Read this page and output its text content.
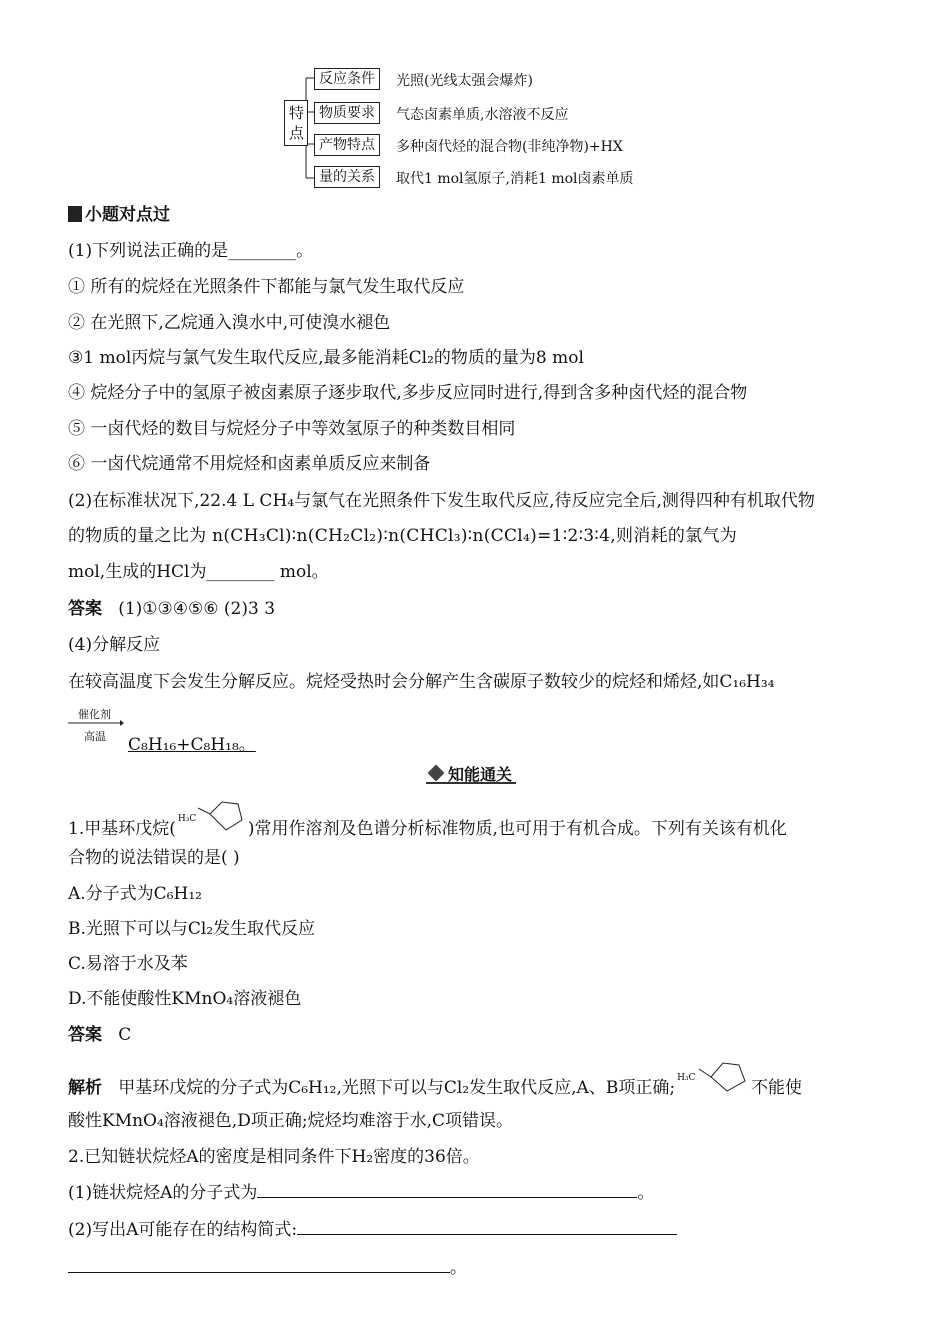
特点
反应条件	光照(光线太强会爆炸)
物质要求	气态卤素单质,水溶液不反应
产物特点	多种卤代烃的混合物(非纯净物)+HX
量的关系	取代1 mol氢原子,消耗1 mol卤素单质
小题对点过
(1)下列说法正确的是________。
① 所有的烷烃在光照条件下都能与氯气发生取代反应
② 在光照下,乙烷通入溴水中,可使溴水褪色
③1 mol丙烷与氯气发生取代反应,最多能消耗Cl₂的物质的量为8 mol
④ 烷烃分子中的氢原子被卤素原子逐步取代,多步反应同时进行,得到含多种卤代烃的混合物
⑤ 一卤代烃的数目与烷烃分子中等效氢原子的种类数目相同
⑥ 一卤代烷通常不用烷烃和卤素单质反应来制备
(2)在标准状况下,22.4 L CH₄与氯气在光照条件下发生取代反应,待反应完全后,测得四种有机取代物
的物质的量之比为 n(CH₃Cl)∶n(CH₂Cl₂)∶n(CHCl₃)∶n(CCl₄)=1∶2∶3∶4,则消耗的氯气为
mol,生成的HCl为________ mol。
答案 (1)①③④⑤⑥ (2)3 3
(4)分解反应
在较高温度下会发生分解反应。烷烃受热时会分解产生含碳原子数较少的烷烃和烯烃,如C₁₆H₃₄
催化剂
高温 C₈H₁₆+C₈H₁₈。
知能通关
1.甲基环戊烷( H₃C	)常用作溶剂及色谱分析标准物质,也可用于有机合成。下列有关该有机化
合物的说法错误的是( )
A.分子式为C₆H₁₂
B.光照下可以与Cl₂发生取代反应
C.易溶于水及苯
D.不能使酸性KMnO₄溶液褪色
答案 C
解析 甲基环戊烷的分子式为C₆H₁₂,光照下可以与Cl₂发生取代反应,A、B项正确; H₃C	不能使
酸性KMnO₄溶液褪色,D项正确;烷烃均难溶于水,C项错误。
2.已知链状烷烃A的密度是相同条件下H₂密度的36倍。
(1)链状烷烃A的分子式为	。
(2)写出A可能存在的结构简式:
。
